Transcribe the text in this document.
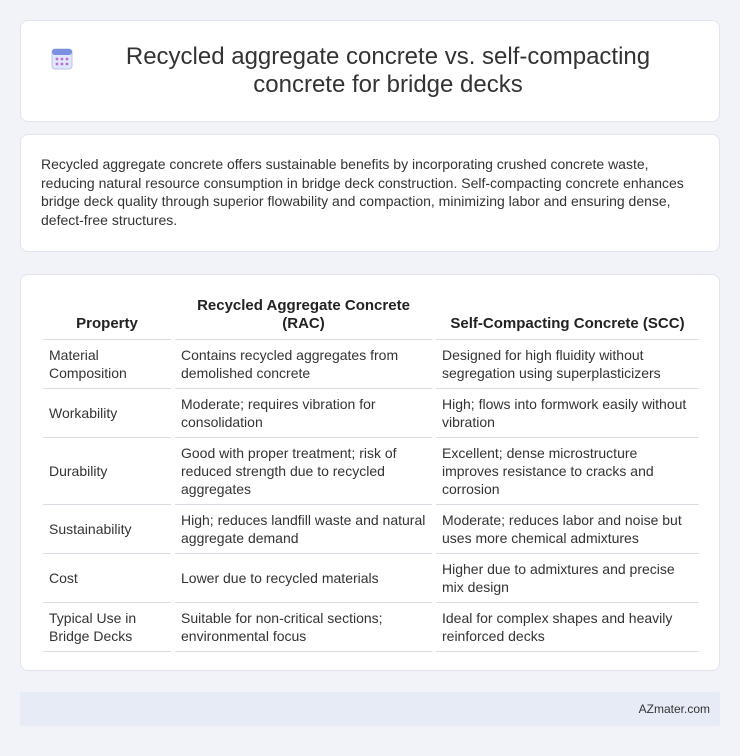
Recycled aggregate concrete vs. self-compacting concrete for bridge decks

Recycled aggregate concrete offers sustainable benefits by incorporating crushed concrete waste, reducing natural resource consumption in bridge deck construction. Self-compacting concrete enhances bridge deck quality through superior flowability and compaction, minimizing labor and ensuring dense, defect-free structures.

Property	Recycled Aggregate Concrete (RAC)	Self-Compacting Concrete (SCC)
Material Composition	Contains recycled aggregates from demolished concrete	Designed for high fluidity without segregation using superplasticizers
Workability	Moderate; requires vibration for consolidation	High; flows into formwork easily without vibration
Durability	Good with proper treatment; risk of reduced strength due to recycled aggregates	Excellent; dense microstructure improves resistance to cracks and corrosion
Sustainability	High; reduces landfill waste and natural aggregate demand	Moderate; reduces labor and noise but uses more chemical admixtures
Cost	Lower due to recycled materials	Higher due to admixtures and precise mix design
Typical Use in Bridge Decks	Suitable for non-critical sections; environmental focus	Ideal for complex shapes and heavily reinforced decks
AZmater.com
